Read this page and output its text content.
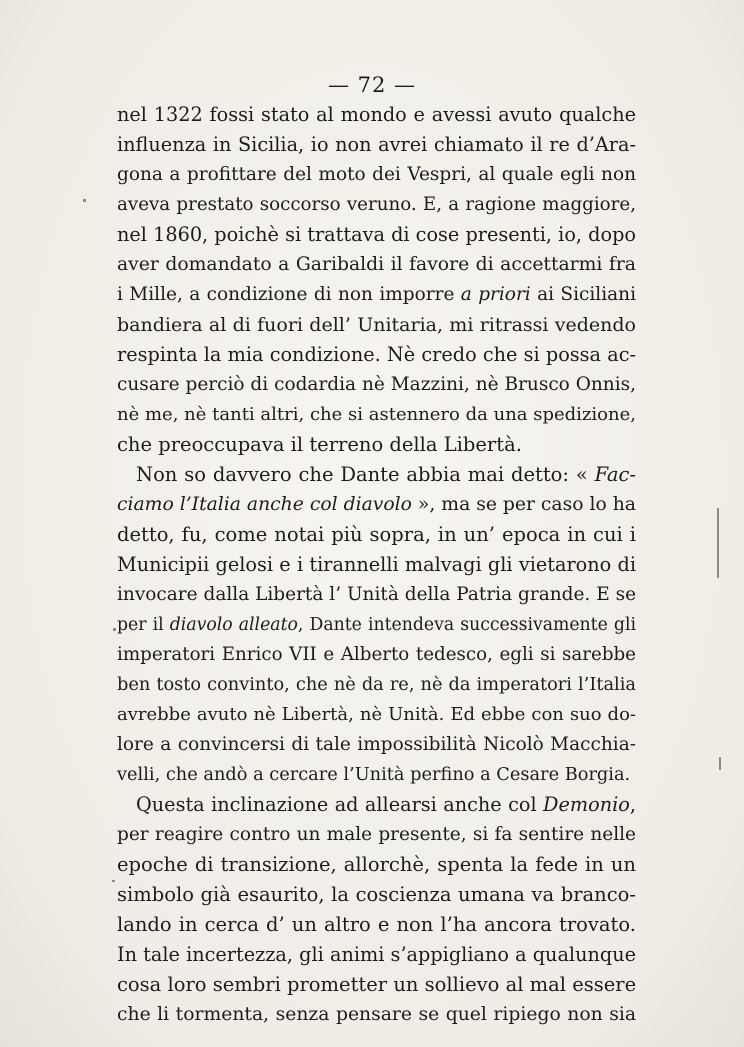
— 72 —
nel 1322 fossi stato al mondo e avessi avuto qualche
influenza in Sicilia, io non avrei chiamato il re d’Ara-
gona a profittare del moto dei Vespri, al quale egli non
aveva prestato soccorso veruno. E, a ragione maggiore,
nel 1860, poichè si trattava di cose presenti, io, dopo
aver domandato a Garibaldi il favore di accettarmi fra
i Mille, a condizione di non imporre a priori ai Siciliani
bandiera al di fuori dell’ Unitaria, mi ritrassi vedendo
respinta la mia condizione. Nè credo che si possa ac-
cusare perciò di codardia nè Mazzini, nè Brusco Onnis,
nè me, nè tanti altri, che si astennero da una spedizione,
che preoccupava il terreno della Libertà.
Non so davvero che Dante abbia mai detto: « Fac-
ciamo l’Italia anche col diavolo », ma se per caso lo ha
detto, fu, come notai più sopra, in un’ epoca in cui i
Municipii gelosi e i tirannelli malvagi gli vietarono di
invocare dalla Libertà l’ Unità della Patria grande. E se
per il diavolo alleato, Dante intendeva successivamente gli
imperatori Enrico VII e Alberto tedesco, egli si sarebbe
ben tosto convinto, che nè da re, nè da imperatori l’Italia
avrebbe avuto nè Libertà, nè Unità. Ed ebbe con suo do-
lore a convincersi di tale impossibilità Nicolò Macchia-
velli, che andò a cercare l’Unità perfino a Cesare Borgia.
Questa inclinazione ad allearsi anche col Demonio,
per reagire contro un male presente, si fa sentire nelle
epoche di transizione, allorchè, spenta la fede in un
simbolo già esaurito, la coscienza umana va branco-
lando in cerca d’ un altro e non l’ha ancora trovato.
In tale incertezza, gli animi s’appigliano a qualunque
cosa loro sembri prometter un sollievo al mal essere
che li tormenta, senza pensare se quel ripiego non sia
